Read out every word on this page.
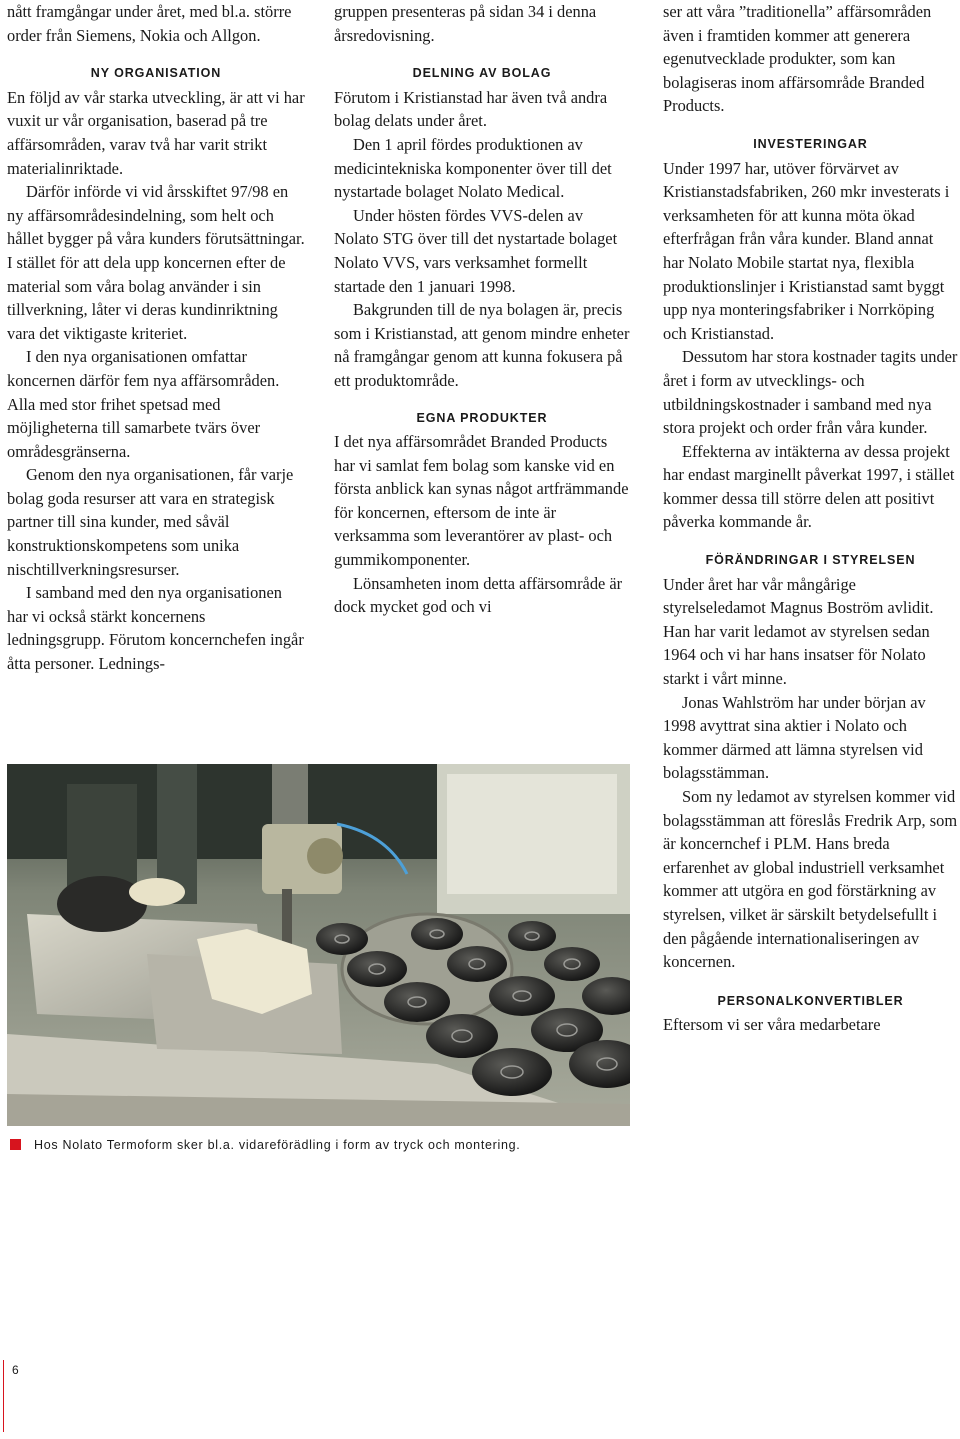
nått framgångar under året, med bl.a. större order från Siemens, Nokia och Allgon.

NY ORGANISATION

En följd av vår starka utveckling, är att vi har vuxit ur vår organisation, baserad på tre affärsområden, varav två har varit strikt materialinriktade.

Därför införde vi vid årsskiftet 97/98 en ny affärsområdesindelning, som helt och hållet bygger på våra kunders förutsättningar. I stället för att dela upp koncernen efter de material som våra bolag använder i sin tillverkning, låter vi deras kundinriktning vara det viktigaste kriteriet.

I den nya organisationen omfattar koncernen därför fem nya affärsområden. Alla med stor frihet spetsad med möjligheterna till samarbete tvärs över områdesgränserna.

Genom den nya organisationen, får varje bolag goda resurser att vara en strategisk partner till sina kunder, med såväl konstruktionskompetens som unika nischtillverkningsresurser.

I samband med den nya organisationen har vi också stärkt koncernens ledningsgrupp. Förutom koncernchefen ingår åtta personer. Lednings-

gruppen presenteras på sidan 34 i denna årsredovisning.

DELNING AV BOLAG

Förutom i Kristianstad har även två andra bolag delats under året.

Den 1 april fördes produktionen av medicintekniska komponenter över till det nystartade bolaget Nolato Medical.

Under hösten fördes VVS-delen av Nolato STG över till det nystartade bolaget Nolato VVS, vars verksamhet formellt startade den 1 januari 1998.

Bakgrunden till de nya bolagen är, precis som i Kristianstad, att genom mindre enheter nå framgångar genom att kunna fokusera på ett produktområde.

EGNA PRODUKTER

I det nya affärsområdet Branded Products har vi samlat fem bolag som kanske vid en första anblick kan synas något artfrämmande för koncernen, eftersom de inte är verksamma som leverantörer av plast- och gummikomponenter.

Lönsamheten inom detta affärsområde är dock mycket god och vi

ser att våra ”traditionella” affärsområden även i framtiden kommer att generera egenutvecklade produkter, som kan bolagiseras inom affärsområde Branded Products.

INVESTERINGAR

Under 1997 har, utöver förvärvet av Kristianstadsfabriken, 260 mkr investerats i verksamheten för att kunna möta ökad efterfrågan från våra kunder. Bland annat har Nolato Mobile startat nya, flexibla produktionslinjer i Kristianstad samt byggt upp nya monteringsfabriker i Norrköping och Kristianstad.

Dessutom har stora kostnader tagits under året i form av utvecklings- och utbildningskostnader i samband med nya stora projekt och order från våra kunder.

Effekterna av intäkterna av dessa projekt har endast marginellt påverkat 1997, i stället kommer dessa till större delen att positivt påverka kommande år.

FÖRÄNDRINGAR I STYRELSEN

Under året har vår mångårige styrelseledamot Magnus Boström avlidit. Han har varit ledamot av styrelsen sedan 1964 och vi har hans insatser för Nolato starkt i vårt minne.

Jonas Wahlström har under början av 1998 avyttrat sina aktier i Nolato och kommer därmed att lämna styrelsen vid bolagsstämman.

Som ny ledamot av styrelsen kommer vid bolagsstämman att föreslås Fredrik Arp, som är koncernchef i PLM. Hans breda erfarenhet av global industriell verksamhet kommer att utgöra en god förstärkning av styrelsen, vilket är särskilt betydelsefullt i den pågående internationaliseringen av koncernen.

PERSONALKONVERTIBLER

Eftersom vi ser våra medarbetare

Hos Nolato Termoform sker bl.a. vidareförädling i form av tryck och montering.
6
